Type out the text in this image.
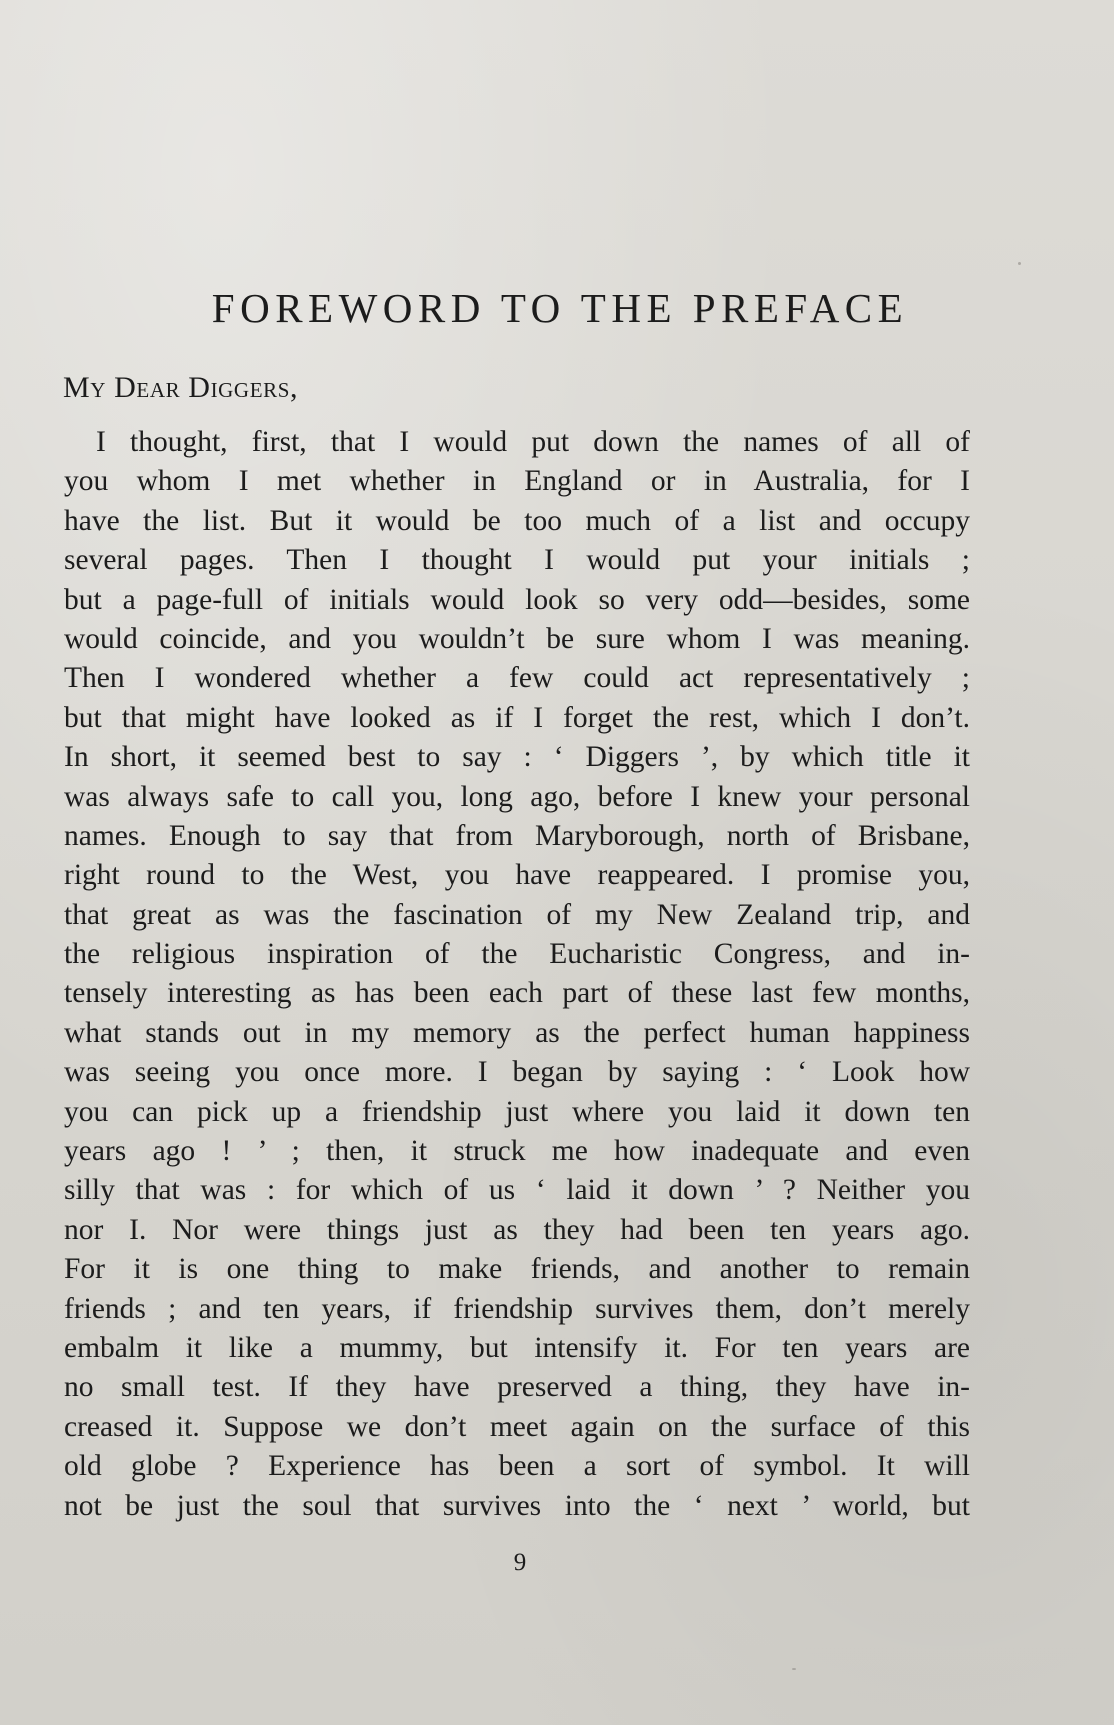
FOREWORD TO THE PREFACE

My Dear Diggers,

I thought, first, that I would put down the names of all of
you whom I met whether in England or in Australia, for I
have the list. But it would be too much of a list and occupy
several pages. Then I thought I would put your initials ;
but a page-full of initials would look so very odd—besides, some
would coincide, and you wouldn’t be sure whom I was meaning.
Then I wondered whether a few could act representatively ;
but that might have looked as if I forget the rest, which I don’t.
In short, it seemed best to say : ‘ Diggers ’, by which title it
was always safe to call you, long ago, before I knew your personal
names. Enough to say that from Maryborough, north of Brisbane,
right round to the West, you have reappeared. I promise you,
that great as was the fascination of my New Zealand trip, and
the religious inspiration of the Eucharistic Congress, and in-
tensely interesting as has been each part of these last few months,
what stands out in my memory as the perfect human happiness
was seeing you once more. I began by saying : ‘ Look how
you can pick up a friendship just where you laid it down ten
years ago ! ’ ; then, it struck me how inadequate and even
silly that was : for which of us ‘ laid it down ’ ? Neither you
nor I. Nor were things just as they had been ten years ago.
For it is one thing to make friends, and another to remain
friends ; and ten years, if friendship survives them, don’t merely
embalm it like a mummy, but intensify it. For ten years are
no small test. If they have preserved a thing, they have in-
creased it. Suppose we don’t meet again on the surface of this
old globe ? Experience has been a sort of symbol. It will
not be just the soul that survives into the ‘ next ’ world, but

9
